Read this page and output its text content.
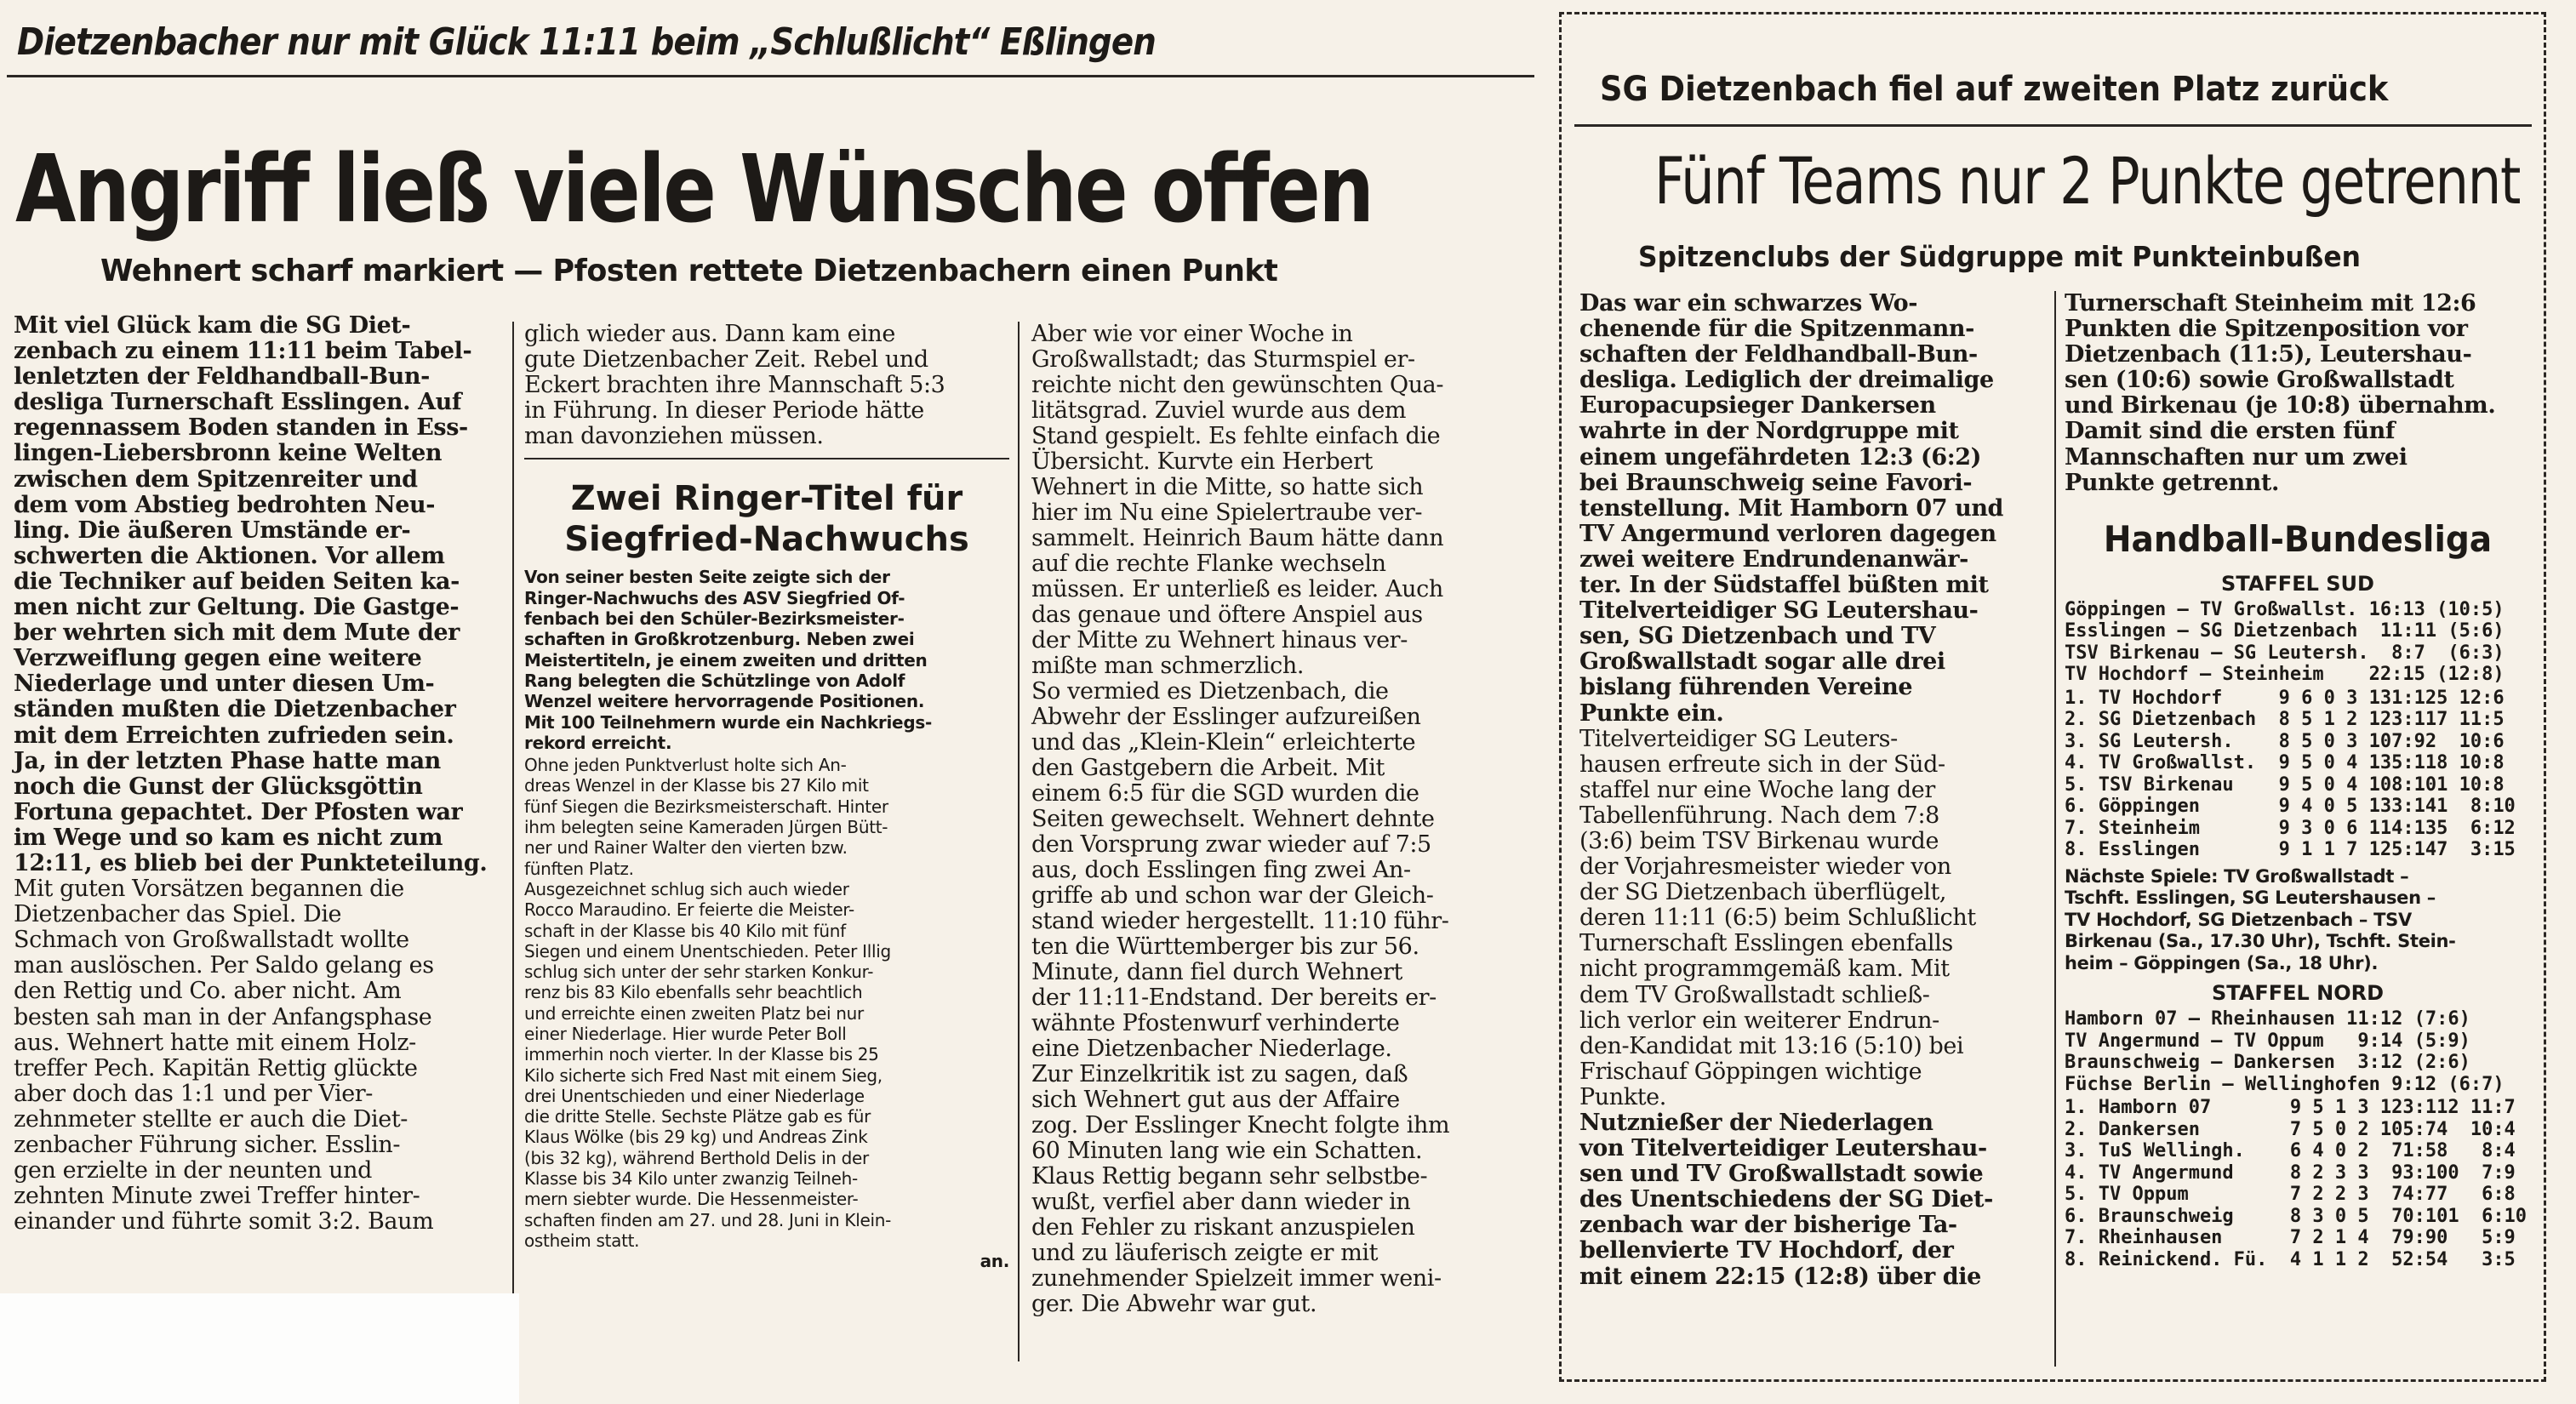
Dietzenbacher nur mit Glück 11:11 beim „Schlußlicht“ Eßlingen
Angriff ließ viele Wünsche offen
Wehnert scharf markiert — Pfosten rettete Dietzenbachern einen Punkt
Mit viel Glück kam die SG Diet-
zenbach zu einem 11:11 beim Tabel-
lenletzten der Feldhandball-Bun-
desliga Turnerschaft Esslingen. Auf
regennassem Boden standen in Ess-
lingen-Liebersbronn keine Welten
zwischen dem Spitzenreiter und
dem vom Abstieg bedrohten Neu-
ling. Die äußeren Umstände er-
schwerten die Aktionen. Vor allem
die Techniker auf beiden Seiten ka-
men nicht zur Geltung. Die Gastge-
ber wehrten sich mit dem Mute der
Verzweiflung gegen eine weitere
Niederlage und unter diesen Um-
ständen mußten die Dietzenbacher
mit dem Erreichten zufrieden sein.
Ja, in der letzten Phase hatte man
noch die Gunst der Glücksgöttin
Fortuna gepachtet. Der Pfosten war
im Wege und so kam es nicht zum
12:11, es blieb bei der Punkteteilung.
Mit guten Vorsätzen begannen die
Dietzenbacher das Spiel. Die
Schmach von Großwallstadt wollte
man auslöschen. Per Saldo gelang es
den Rettig und Co. aber nicht. Am
besten sah man in der Anfangsphase
aus. Wehnert hatte mit einem Holz-
treffer Pech. Kapitän Rettig glückte
aber doch das 1:1 und per Vier-
zehnmeter stellte er auch die Diet-
zenbacher Führung sicher. Esslin-
gen erzielte in der neunten und
zehnten Minute zwei Treffer hinter-
einander und führte somit 3:2. Baum
glich wieder aus. Dann kam eine
gute Dietzenbacher Zeit. Rebel und
Eckert brachten ihre Mannschaft 5:3
in Führung. In dieser Periode hätte
man davonziehen müssen.
Zwei Ringer-Titel für
Siegfried-Nachwuchs
Von seiner besten Seite zeigte sich der
Ringer-Nachwuchs des ASV Siegfried Of-
fenbach bei den Schüler-Bezirksmeister-
schaften in Großkrotzenburg. Neben zwei
Meistertiteln, je einem zweiten und dritten
Rang belegten die Schützlinge von Adolf
Wenzel weitere hervorragende Positionen.
Mit 100 Teilnehmern wurde ein Nachkriegs-
rekord erreicht.
Ohne jeden Punktverlust holte sich An-
dreas Wenzel in der Klasse bis 27 Kilo mit
fünf Siegen die Bezirksmeisterschaft. Hinter
ihm belegten seine Kameraden Jürgen Bütt-
ner und Rainer Walter den vierten bzw.
fünften Platz.
Ausgezeichnet schlug sich auch wieder
Rocco Maraudino. Er feierte die Meister-
schaft in der Klasse bis 40 Kilo mit fünf
Siegen und einem Unentschieden. Peter Illig
schlug sich unter der sehr starken Konkur-
renz bis 83 Kilo ebenfalls sehr beachtlich
und erreichte einen zweiten Platz bei nur
einer Niederlage. Hier wurde Peter Boll
immerhin noch vierter. In der Klasse bis 25
Kilo sicherte sich Fred Nast mit einem Sieg,
drei Unentschieden und einer Niederlage
die dritte Stelle. Sechste Plätze gab es für
Klaus Wölke (bis 29 kg) und Andreas Zink
(bis 32 kg), während Berthold Delis in der
Klasse bis 34 Kilo unter zwanzig Teilneh-
mern siebter wurde. Die Hessenmeister-
schaften finden am 27. und 28. Juni in Klein-
ostheim statt.
an.
Aber wie vor einer Woche in
Großwallstadt; das Sturmspiel er-
reichte nicht den gewünschten Qua-
litätsgrad. Zuviel wurde aus dem
Stand gespielt. Es fehlte einfach die
Übersicht. Kurvte ein Herbert
Wehnert in die Mitte, so hatte sich
hier im Nu eine Spielertraube ver-
sammelt. Heinrich Baum hätte dann
auf die rechte Flanke wechseln
müssen. Er unterließ es leider. Auch
das genaue und öftere Anspiel aus
der Mitte zu Wehnert hinaus ver-
mißte man schmerzlich.
So vermied es Dietzenbach, die
Abwehr der Esslinger aufzureißen
und das „Klein-Klein“ erleichterte
den Gastgebern die Arbeit. Mit
einem 6:5 für die SGD wurden die
Seiten gewechselt. Wehnert dehnte
den Vorsprung zwar wieder auf 7:5
aus, doch Esslingen fing zwei An-
griffe ab und schon war der Gleich-
stand wieder hergestellt. 11:10 führ-
ten die Württemberger bis zur 56.
Minute, dann fiel durch Wehnert
der 11:11-Endstand. Der bereits er-
wähnte Pfostenwurf verhinderte
eine Dietzenbacher Niederlage.
Zur Einzelkritik ist zu sagen, daß
sich Wehnert gut aus der Affaire
zog. Der Esslinger Knecht folgte ihm
60 Minuten lang wie ein Schatten.
Klaus Rettig begann sehr selbstbe-
wußt, verfiel aber dann wieder in
den Fehler zu riskant anzuspielen
und zu läuferisch zeigte er mit
zunehmender Spielzeit immer weni-
ger. Die Abwehr war gut.
SG Dietzenbach fiel auf zweiten Platz zurück
Fünf Teams nur 2 Punkte getrennt
Spitzenclubs der Südgruppe mit Punkteinbußen
Das war ein schwarzes Wo-
chenende für die Spitzenmann-
schaften der Feldhandball-Bun-
desliga. Lediglich der dreimalige
Europacupsieger Dankersen
wahrte in der Nordgruppe mit
einem ungefährdeten 12:3 (6:2)
bei Braunschweig seine Favori-
tenstellung. Mit Hamborn 07 und
TV Angermund verloren dagegen
zwei weitere Endrundenanwär-
ter. In der Südstaffel büßten mit
Titelverteidiger SG Leutershau-
sen, SG Dietzenbach und TV
Großwallstadt sogar alle drei
bislang führenden Vereine
Punkte ein.
Titelverteidiger SG Leuters-
hausen erfreute sich in der Süd-
staffel nur eine Woche lang der
Tabellenführung. Nach dem 7:8
(3:6) beim TSV Birkenau wurde
der Vorjahresmeister wieder von
der SG Dietzenbach überflügelt,
deren 11:11 (6:5) beim Schlußlicht
Turnerschaft Esslingen ebenfalls
nicht programmgemäß kam. Mit
dem TV Großwallstadt schließ-
lich verlor ein weiterer Endrun-
den-Kandidat mit 13:16 (5:10) bei
Frischauf Göppingen wichtige
Punkte.
Nutznießer der Niederlagen
von Titelverteidiger Leutershau-
sen und TV Großwallstadt sowie
des Unentschiedens der SG Diet-
zenbach war der bisherige Ta-
bellenvierte TV Hochdorf, der
mit einem 22:15 (12:8) über die
Turnerschaft Steinheim mit 12:6
Punkten die Spitzenposition vor
Dietzenbach (11:5), Leutershau-
sen (10:6) sowie Großwallstadt
und Birkenau (je 10:8) übernahm.
Damit sind die ersten fünf
Mannschaften nur um zwei
Punkte getrennt.
Handball-Bundesliga
STAFFEL SUD
Göppingen – TV Großwallst. 16:13 (10:5)
Esslingen – SG Dietzenbach  11:11 (5:6)
TSV Birkenau – SG Leutersh.  8:7  (6:3)
TV Hochdorf – Steinheim    22:15 (12:8)
1. TV Hochdorf     9 6 0 3 131:125 12:6
2. SG Dietzenbach  8 5 1 2 123:117 11:5
3. SG Leutersh.    8 5 0 3 107:92  10:6
4. TV Großwallst.  9 5 0 4 135:118 10:8
5. TSV Birkenau    9 5 0 4 108:101 10:8
6. Göppingen       9 4 0 5 133:141  8:10
7. Steinheim       9 3 0 6 114:135  6:12
8. Esslingen       9 1 1 7 125:147  3:15
Nächste Spiele: TV Großwallstadt –
Tschft. Esslingen, SG Leutershausen –
TV Hochdorf, SG Dietzenbach – TSV
Birkenau (Sa., 17.30 Uhr), Tschft. Stein-
heim – Göppingen (Sa., 18 Uhr).
STAFFEL NORD
Hamborn 07 – Rheinhausen 11:12 (7:6)
TV Angermund – TV Oppum   9:14 (5:9)
Braunschweig – Dankersen  3:12 (2:6)
Füchse Berlin – Wellinghofen 9:12 (6:7)
1. Hamborn 07       9 5 1 3 123:112 11:7
2. Dankersen        7 5 0 2 105:74  10:4
3. TuS Wellingh.    6 4 0 2  71:58   8:4
4. TV Angermund     8 2 3 3  93:100  7:9
5. TV Oppum         7 2 2 3  74:77   6:8
6. Braunschweig     8 3 0 5  70:101  6:10
7. Rheinhausen      7 2 1 4  79:90   5:9
8. Reinickend. Fü.  4 1 1 2  52:54   3:5
